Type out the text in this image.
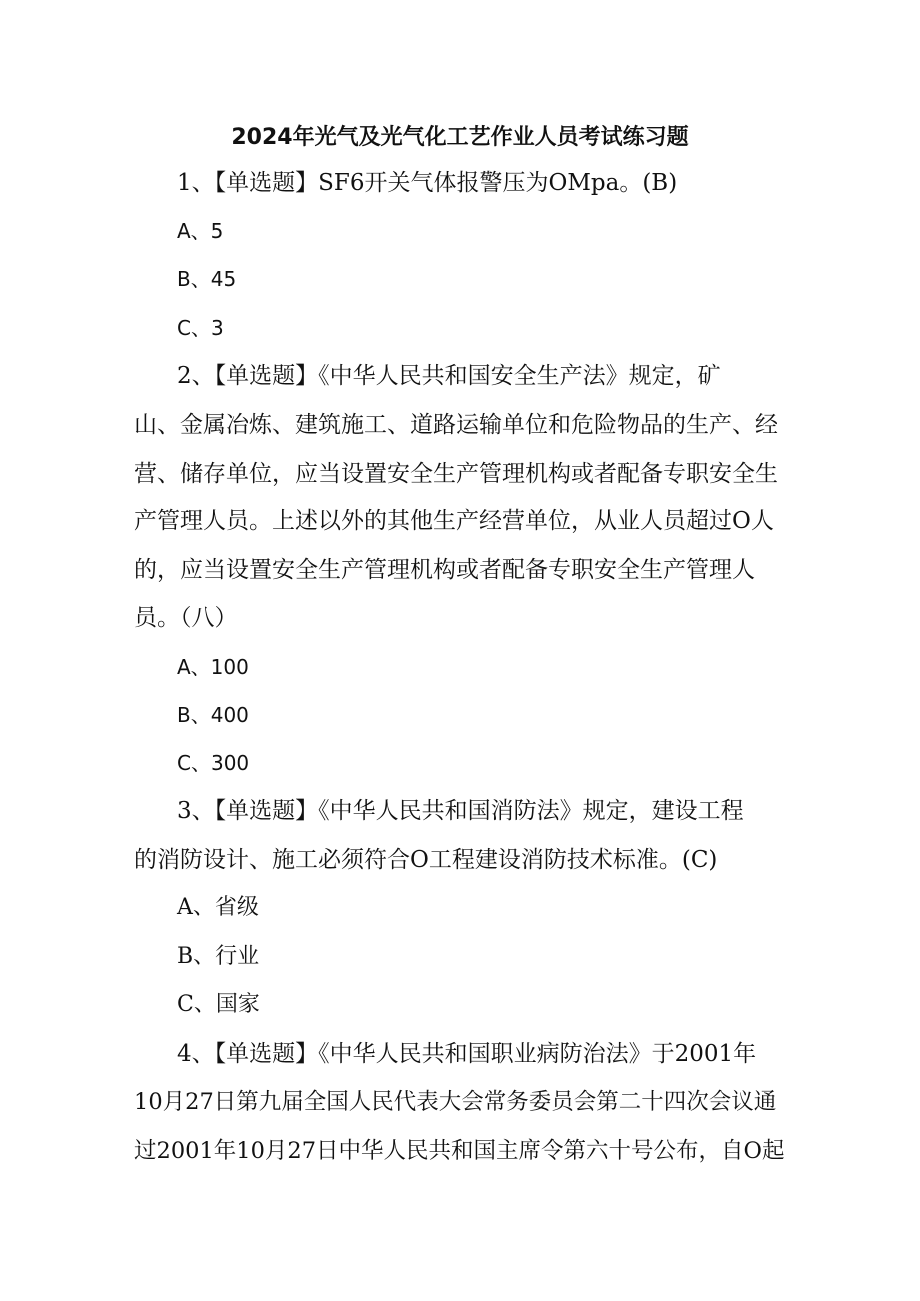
2024年光气及光气化工艺作业人员考试练习题
1、【单选题】SF6开关气体报警压为OMpa。(B)
A、5
B、45
C、3
2、【单选题】《中华人民共和国安全生产法》规定，矿
山、金属冶炼、建筑施工、道路运输单位和危险物品的生产、经
营、储存单位，应当设置安全生产管理机构或者配备专职安全生
产管理人员。上述以外的其他生产经营单位，从业人员超过O人
的，应当设置安全生产管理机构或者配备专职安全生产管理人
员。（八）
A、100
B、400
C、300
3、【单选题】《中华人民共和国消防法》规定，建设工程
的消防设计、施工必须符合O工程建设消防技术标准。(C)
A、省级
B、行业
C、国家
4、【单选题】《中华人民共和国职业病防治法》于2001年
10月27日第九届全国人民代表大会常务委员会第二十四次会议通
过2001年10月27日中华人民共和国主席令第六十号公布，自O起
